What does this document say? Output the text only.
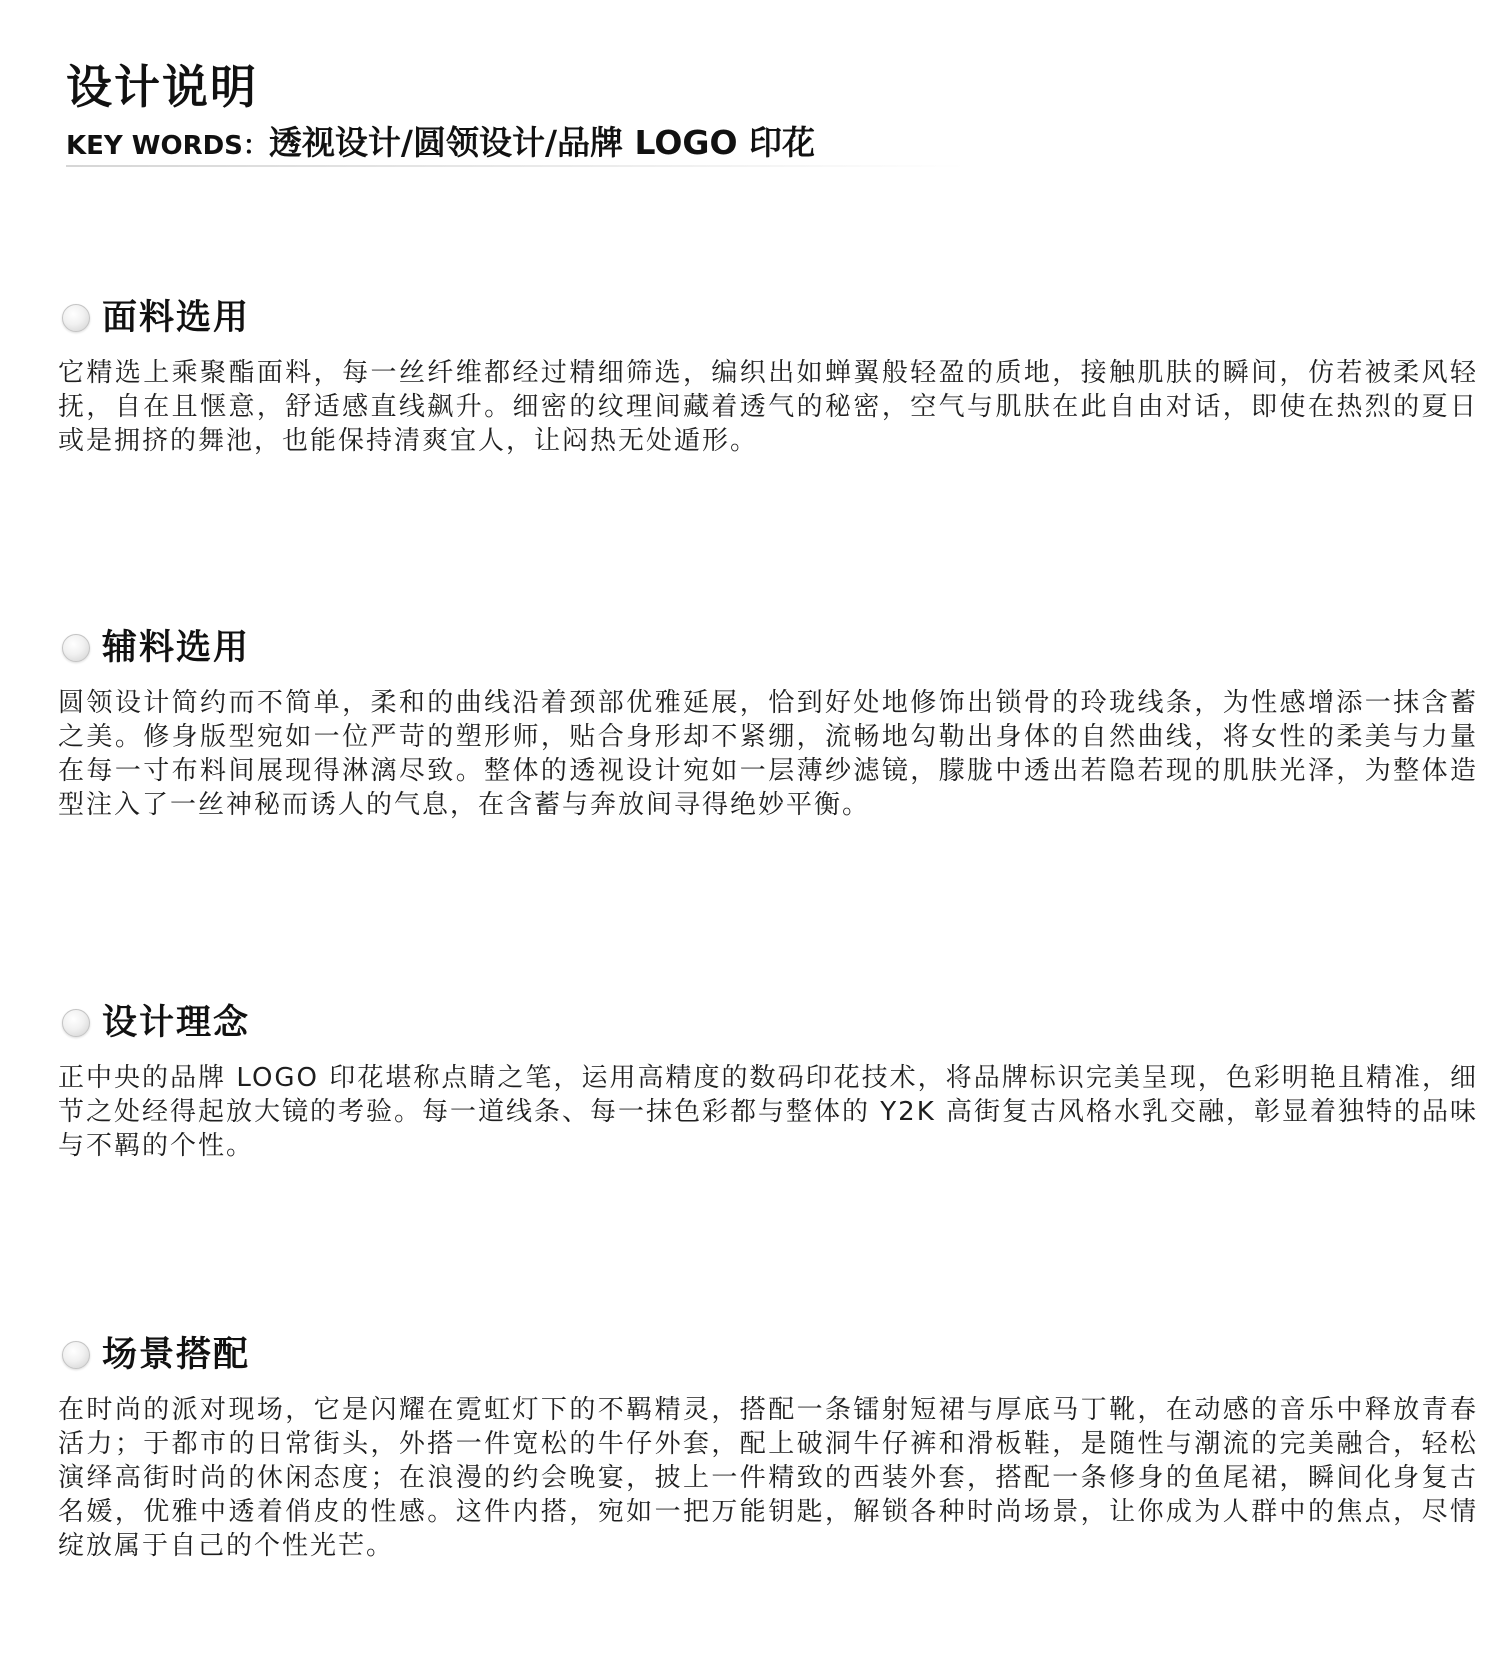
设计说明
KEY WORDS：透视设计/圆领设计/品牌 LOGO 印花
面料选用

它精选上乘聚酯面料，每一丝纤维都经过精细筛选，编织出如蝉翼般轻盈的质地，接触肌肤的瞬间，仿若被柔风轻抚，自在且惬意，舒适感直线飙升。细密的纹理间藏着透气的秘密，空气与肌肤在此自由对话，即使在热烈的夏日或是拥挤的舞池，也能保持清爽宜人，让闷热无处遁形。

辅料选用

圆领设计简约而不简单，柔和的曲线沿着颈部优雅延展，恰到好处地修饰出锁骨的玲珑线条，为性感增添一抹含蓄之美。修身版型宛如一位严苛的塑形师，贴合身形却不紧绷，流畅地勾勒出身体的自然曲线，将女性的柔美与力量在每一寸布料间展现得淋漓尽致。整体的透视设计宛如一层薄纱滤镜，朦胧中透出若隐若现的肌肤光泽，为整体造型注入了一丝神秘而诱人的气息，在含蓄与奔放间寻得绝妙平衡。

设计理念

正中央的品牌 LOGO 印花堪称点睛之笔，运用高精度的数码印花技术，将品牌标识完美呈现，色彩明艳且精准，细节之处经得起放大镜的考验。每一道线条、每一抹色彩都与整体的 Y2K 高街复古风格水乳交融，彰显着独特的品味与不羁的个性。

场景搭配

在时尚的派对现场，它是闪耀在霓虹灯下的不羁精灵，搭配一条镭射短裙与厚底马丁靴，在动感的音乐中释放青春活力；于都市的日常街头，外搭一件宽松的牛仔外套，配上破洞牛仔裤和滑板鞋，是随性与潮流的完美融合，轻松演绎高街时尚的休闲态度；在浪漫的约会晚宴，披上一件精致的西装外套，搭配一条修身的鱼尾裙，瞬间化身复古名媛，优雅中透着俏皮的性感。这件内搭，宛如一把万能钥匙，解锁各种时尚场景，让你成为人群中的焦点，尽情绽放属于自己的个性光芒。
